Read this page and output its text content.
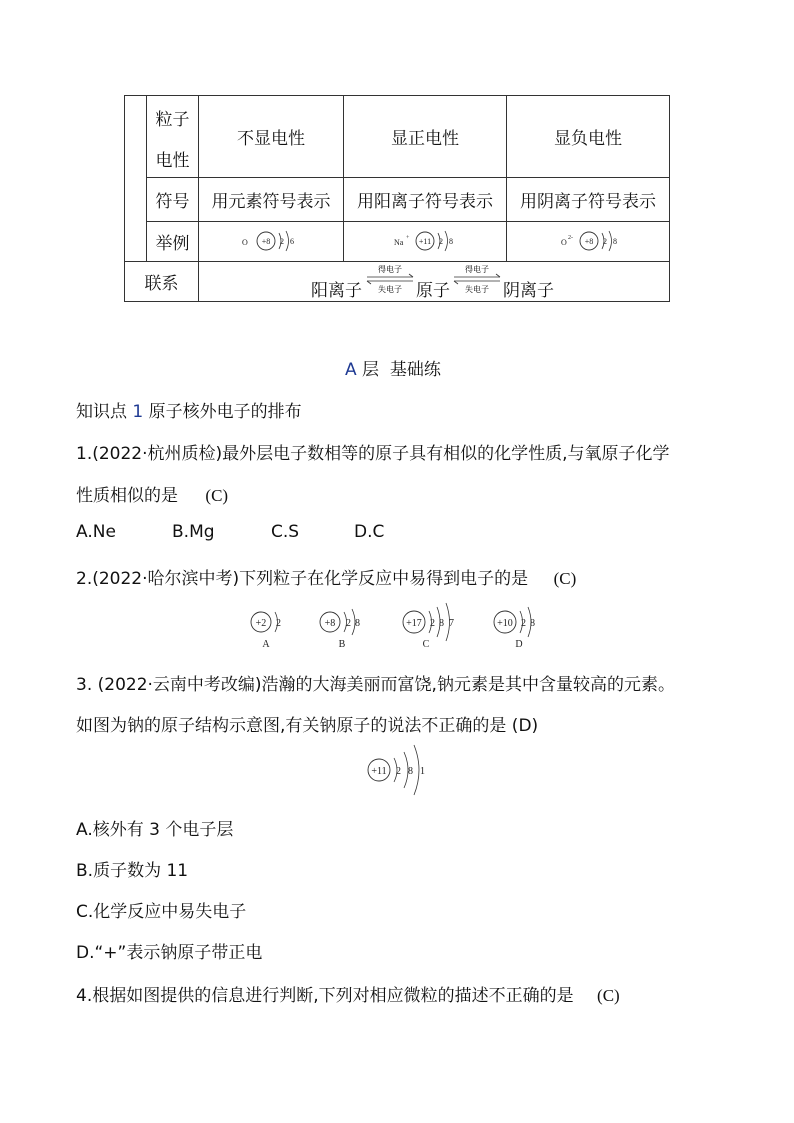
粒子
电性
不显电性	显正电性	显负电性
符号	用元素符号表示	用阳离子符号表示	用阴离子符号表示
举例	O +8 2 6	Na + +11 2 8	O 2- +8 2 8
联系	阳离子
得电子
失电子 原子
得电子
失电子 阴离子
A 层  基础练
知识点 1 原子核外电子的排布
1.(2022·杭州质检)最外层电子数相等的原子具有相似的化学性质,与氧原子化学
性质相似的是 (C)
A.Ne	B.Mg	C.S	D.C
2.(2022·哈尔滨中考)下列粒子在化学反应中易得到电子的是 (C)
+2 2
A
+8 2 8
B
+17 2 8 7
C
+10 2 8
D
3. (2022·云南中考改编)浩瀚的大海美丽而富饶,钠元素是其中含量较高的元素。
如图为钠的原子结构示意图,有关钠原子的说法不正确的是 (D)
+11 2 8 1
A.核外有 3 个电子层
B.质子数为 11
C.化学反应中易失电子
D.“+”表示钠原子带正电
4.根据如图提供的信息进行判断,下列对相应微粒的描述不正确的是 (C)
